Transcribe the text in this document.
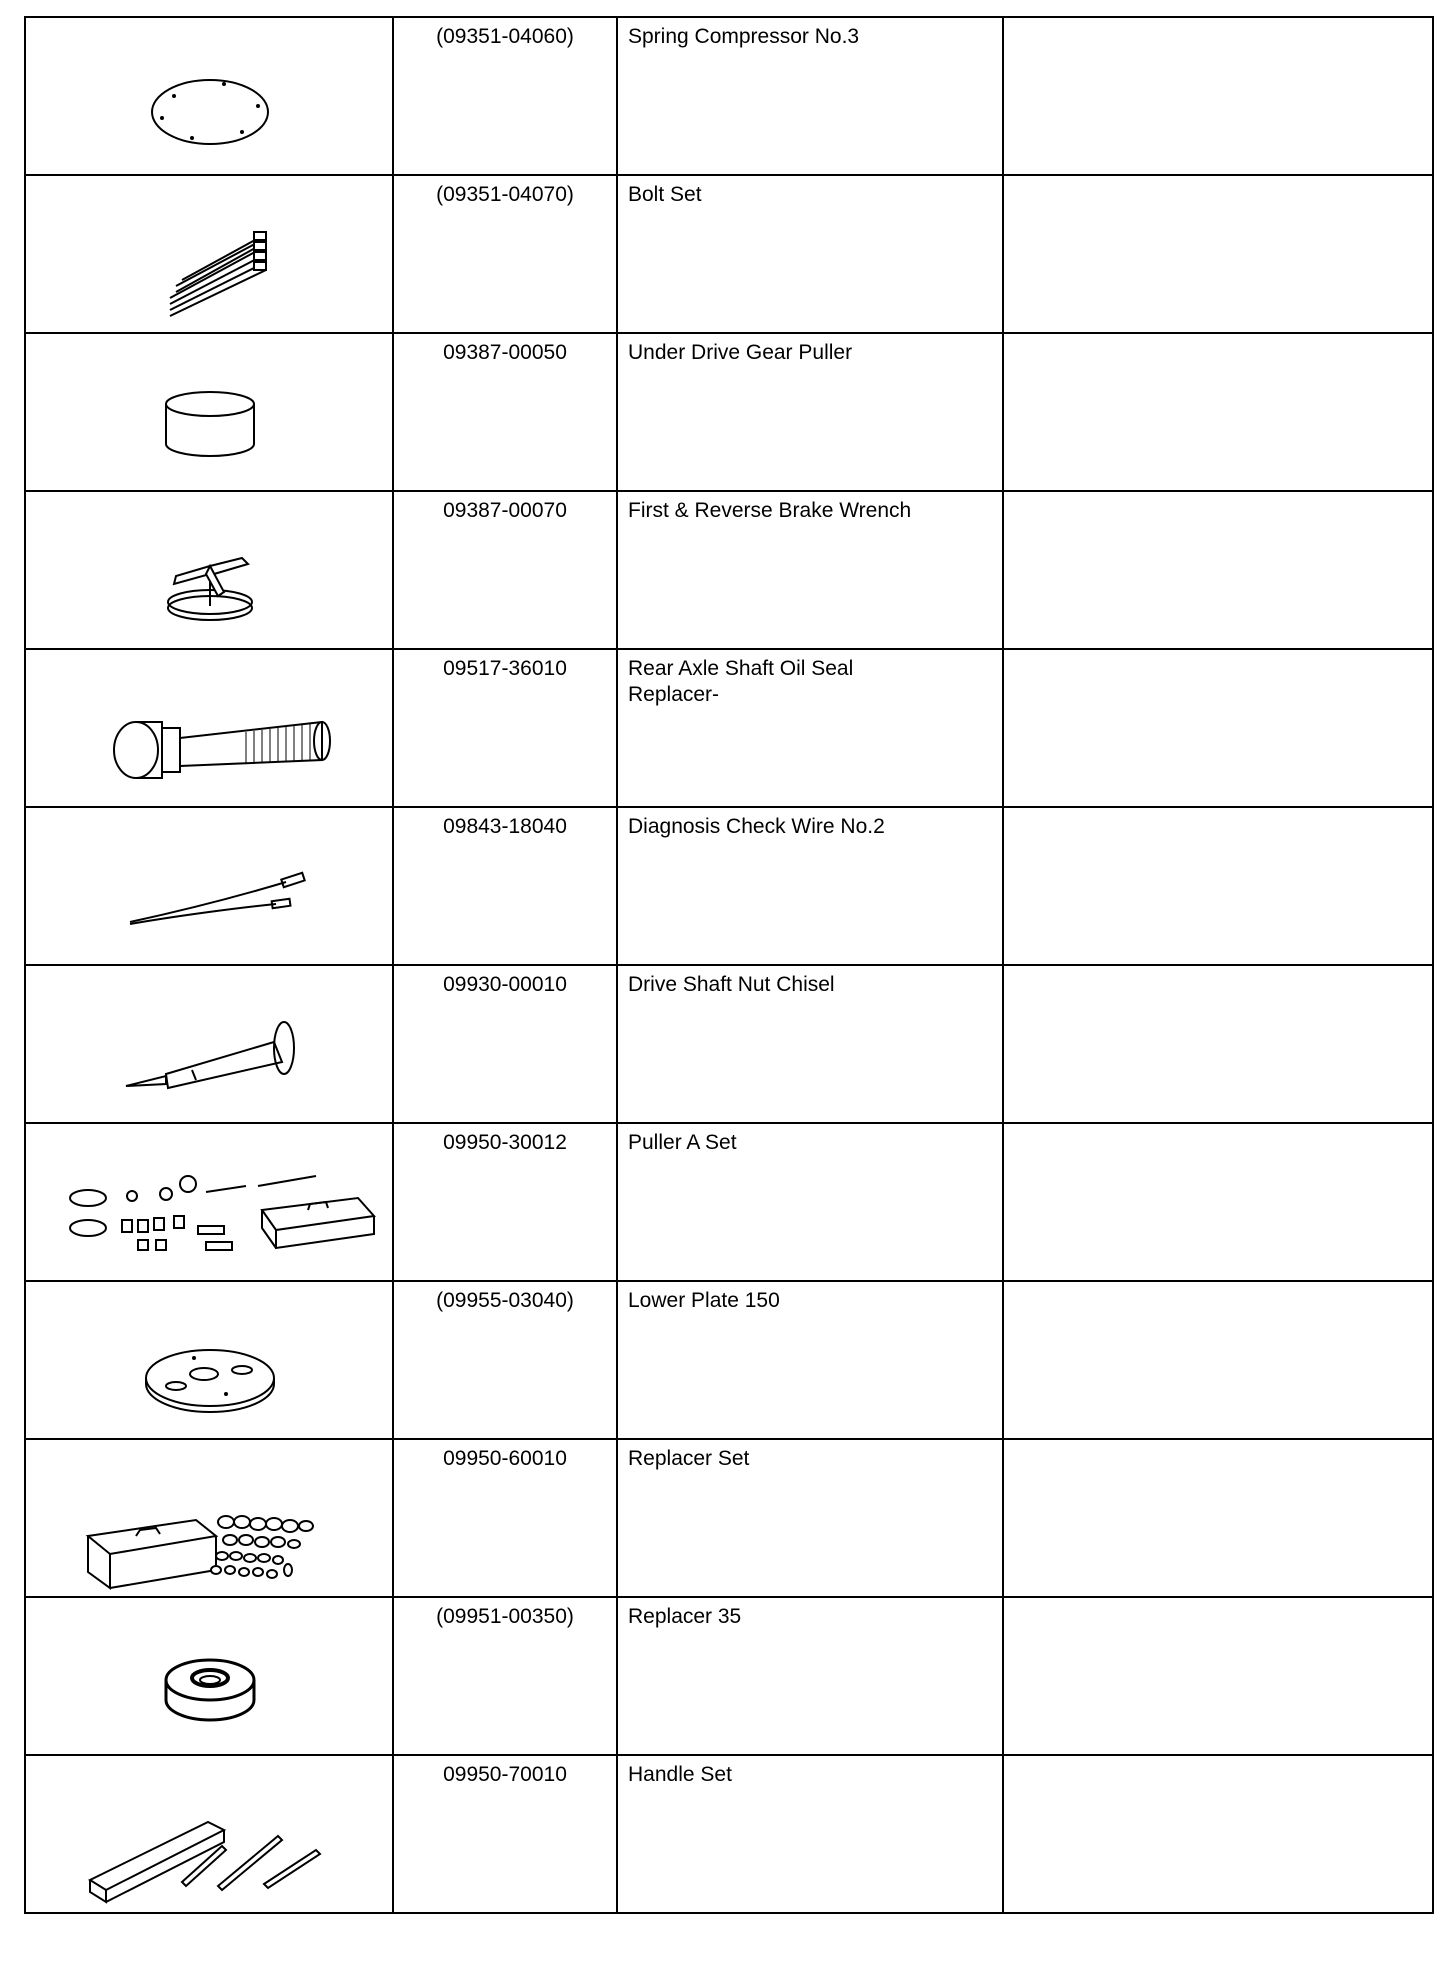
(09351-04060)	Spring Compressor No.3	

(09351-04070)	Bolt Set	

09387-00050	Under Drive Gear Puller	

09387-00070	First & Reverse Brake Wrench	

09517-36010	Rear Axle Shaft Oil Seal
Replacer-	

09843-18040	Diagnosis Check Wire No.2	

09930-00010	Drive Shaft Nut Chisel	

09950-30012	Puller A Set	

(09955-03040)	Lower Plate 150	

09950-60010	Replacer Set	

(09951-00350)	Replacer 35	

09950-70010	Handle Set	
